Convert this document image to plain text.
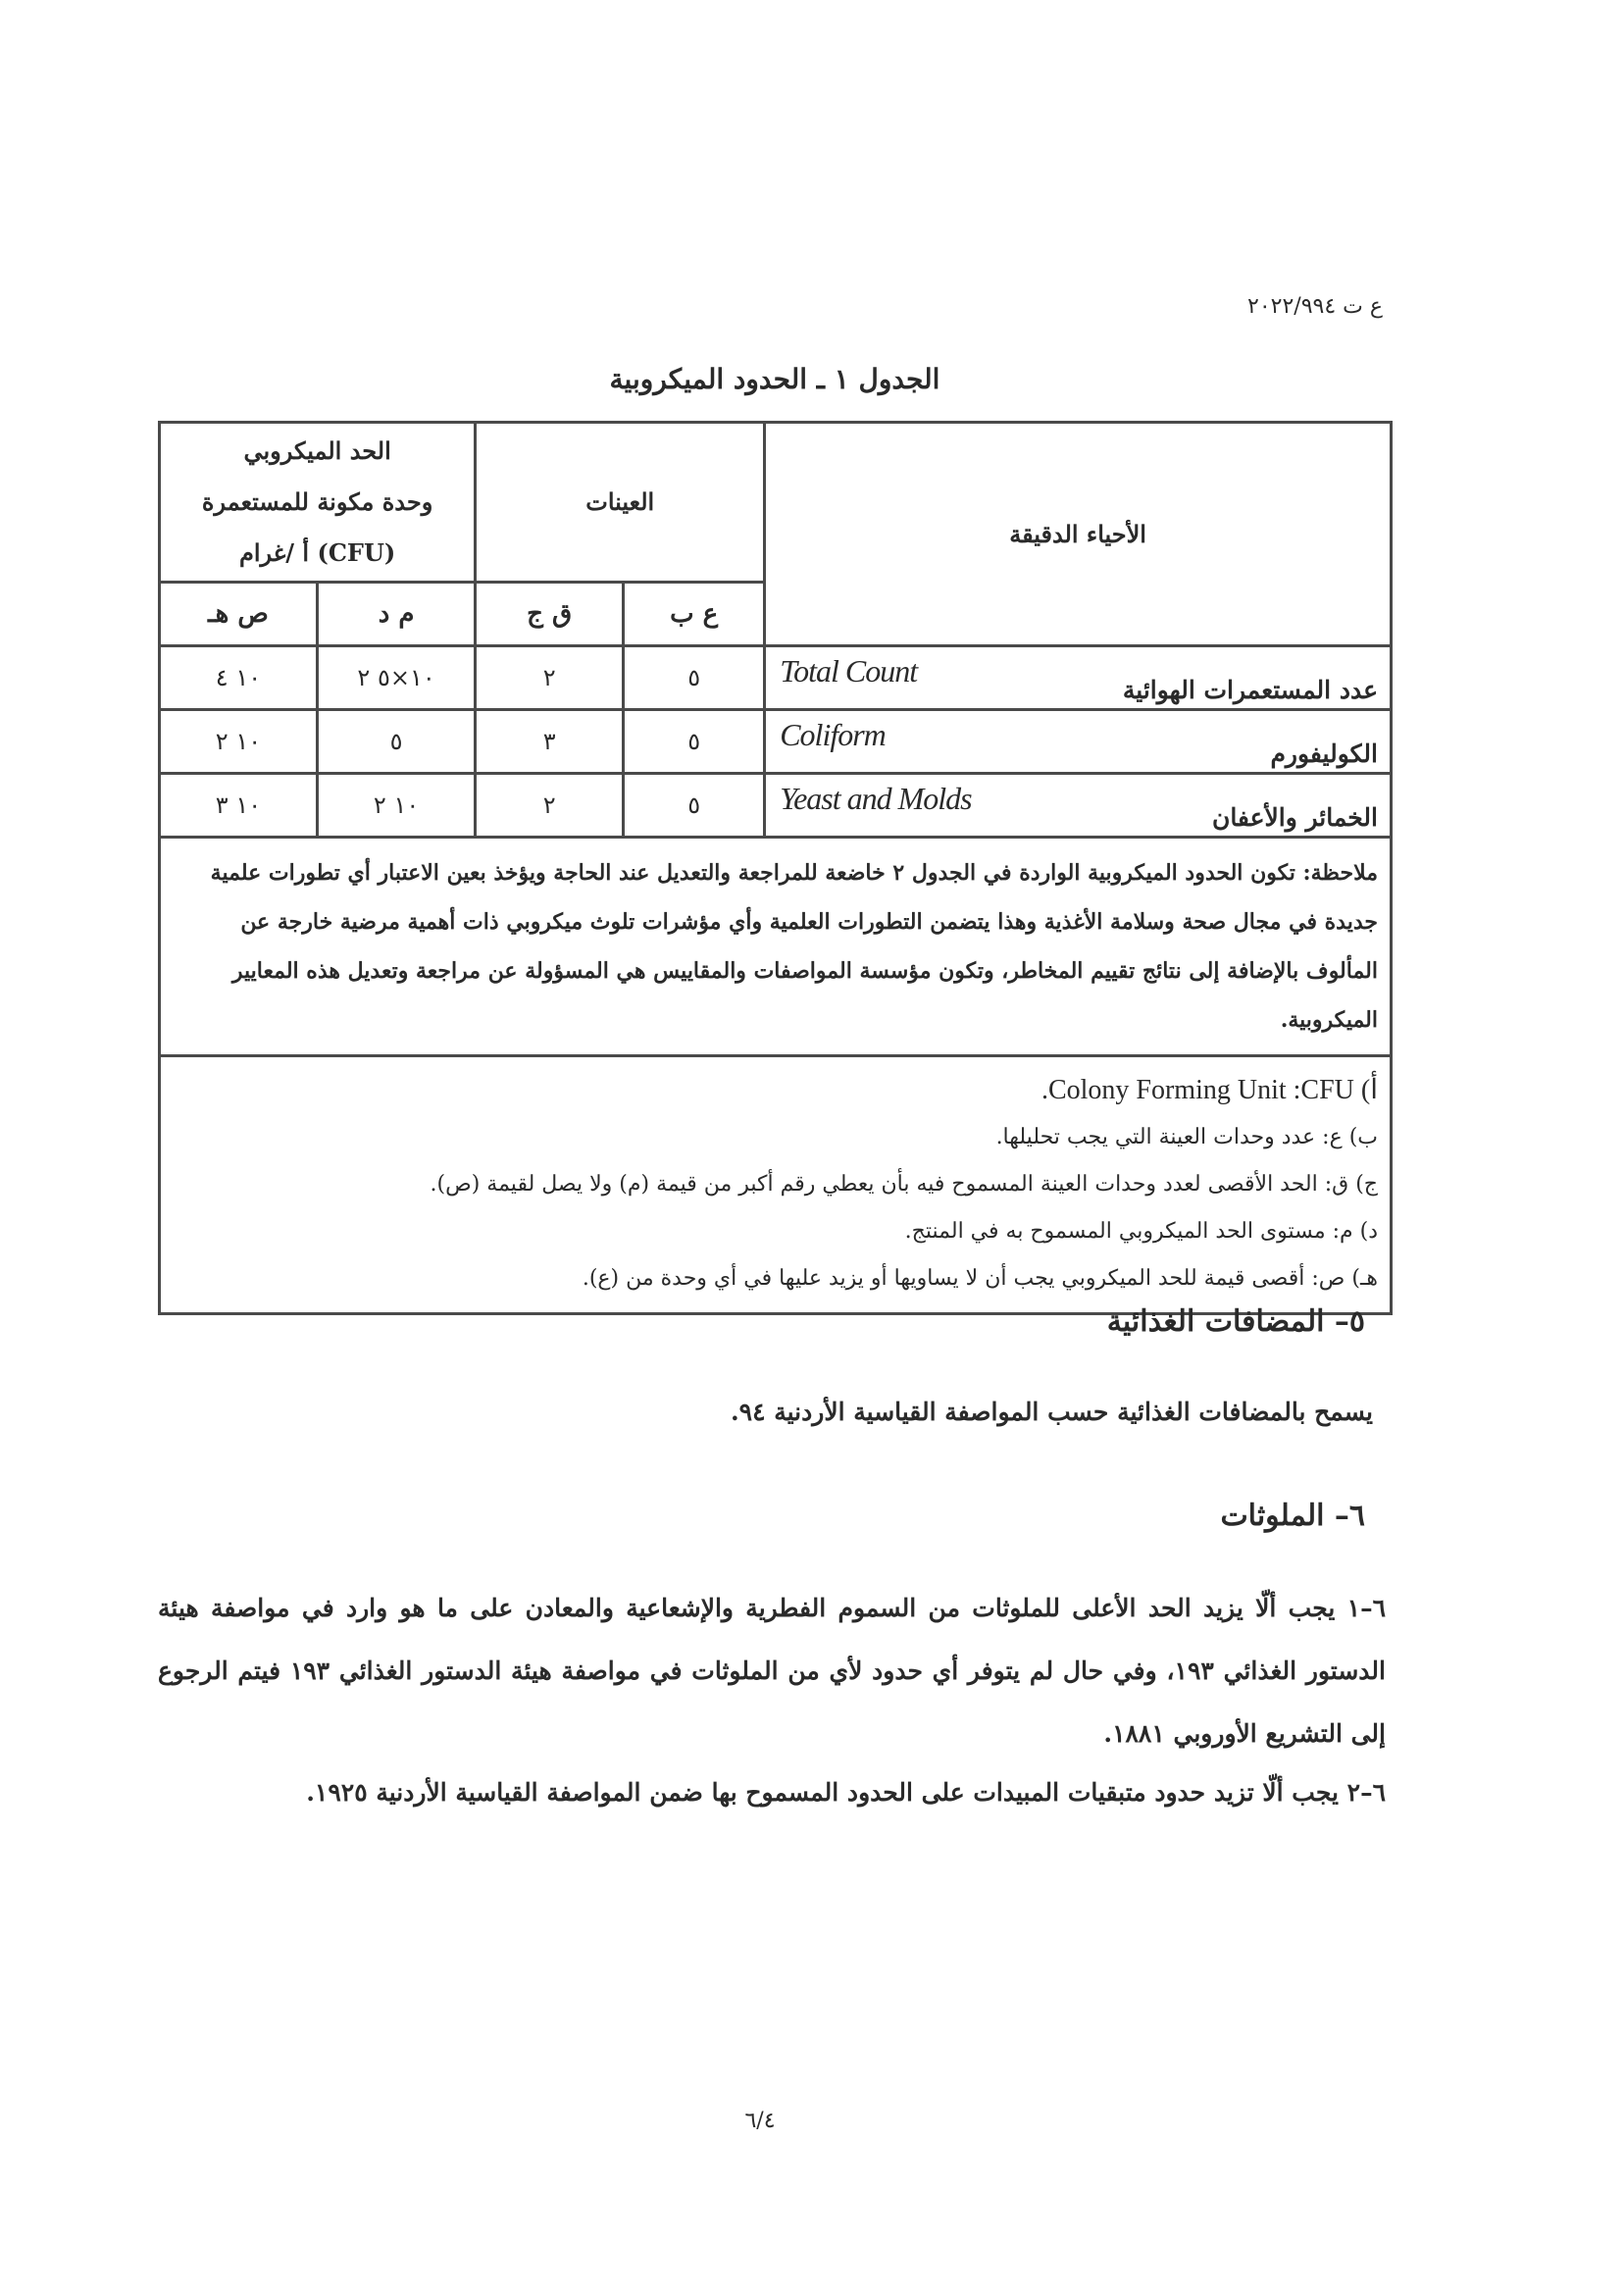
ع ت ٢٠٢٢/٩٩٤
الجدول ١ ـ الحدود الميكروبية
الأحياء الدقيقة	العينات		الحد الميكروبي
وحدة مكونة للمستعمرة
(CFU) أ /غرام	

	ع ب	ق ج	م د	ص هـ

عدد المستعمرات الهوائية
Total Count	٥	٢	١٠×٥ ٢	١٠ ٤

الكوليفورم
Coliform	٥	٣	٥	١٠ ٢

الخمائر والأعفان
Yeast and Molds	٥	٢	١٠ ٢	١٠ ٣
ملاحظة: تكون الحدود الميكروبية الواردة في الجدول ٢ خاضعة للمراجعة والتعديل عند الحاجة ويؤخذ بعين الاعتبار أي تطورات علمية جديدة في مجال صحة وسلامة الأغذية وهذا يتضمن التطورات العلمية وأي مؤشرات تلوث ميكروبي ذات أهمية مرضية خارجة عن المألوف بالإضافة إلى نتائج تقييم المخاطر، وتكون مؤسسة المواصفات والمقاييس هي المسؤولة عن مراجعة وتعديل هذه المعايير الميكروبية.				

أ) Colony Forming Unit :CFU.
ب) ع: عدد وحدات العينة التي يجب تحليلها.
ج) ق: الحد الأقصى لعدد وحدات العينة المسموح فيه بأن يعطي رقم أكبر من قيمة (م) ولا يصل لقيمة (ص).
د) م: مستوى الحد الميكروبي المسموح به في المنتج.
هـ) ص: أقصى قيمة للحد الميكروبي يجب أن لا يساويها أو يزيد عليها في أي وحدة من (ع).				
٥– المضافات الغذائية
يسمح بالمضافات الغذائية حسب المواصفة القياسية الأردنية ٩٤.
٦– الملوثات
٦–١ يجب ألّا يزيد الحد الأعلى للملوثات من السموم الفطرية والإشعاعية والمعادن على ما هو وارد في مواصفة هيئة الدستور الغذائي ١٩٣، وفي حال لم يتوفر أي حدود لأي من الملوثات في مواصفة هيئة الدستور الغذائي ١٩٣ فيتم الرجوع إلى التشريع الأوروبي ١٨٨١.
٦–٢ يجب ألّا تزيد حدود متبقيات المبيدات على الحدود المسموح بها ضمن المواصفة القياسية الأردنية ١٩٢٥.
٦/٤
